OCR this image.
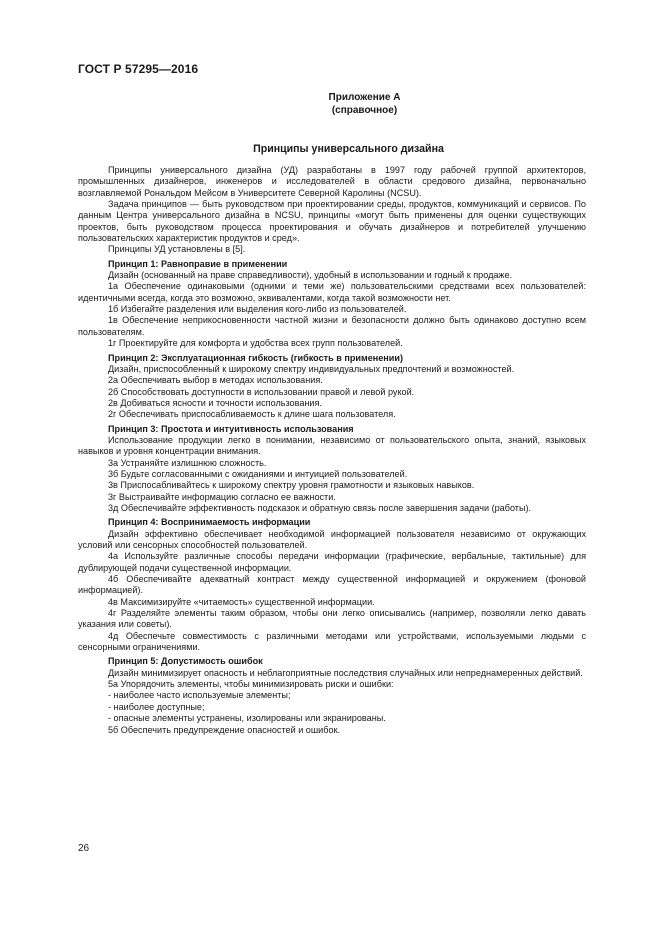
ГОСТ Р 57295—2016
Приложение А
(справочное)
Принципы универсального дизайна

Принципы универсального дизайна (УД) разработаны в 1997 году рабочей группой архитекторов, промышленных дизайнеров, инженеров и исследователей в области средового дизайна, первоначально возглавляемой Рональдом Мейсом в Университете Северной Каролины (NCSU).

Задача принципов — быть руководством при проектировании среды, продуктов, коммуникаций и сервисов. По данным Центра универсального дизайна в NCSU, принципы «могут быть применены для оценки существующих проектов, быть руководством процесса проектирования и обучать дизайнеров и потребителей улучшению пользовательских характеристик продуктов и сред».

Принципы УД установлены в [5].

Принцип 1: Равноправие в применении

Дизайн (основанный на праве справедливости), удобный в использовании и годный к продаже.

1а Обеспечение одинаковыми (одними и теми же) пользовательскими средствами всех пользователей: идентичными всегда, когда это возможно, эквивалентами, когда такой возможности нет.

1б Избегайте разделения или выделения кого-либо из пользователей.

1в Обеспечение неприкосновенности частной жизни и безопасности должно быть одинаково доступно всем пользователям.

1г Проектируйте для комфорта и удобства всех групп пользователей.

Принцип 2: Эксплуатационная гибкость (гибкость в применении)

Дизайн, приспособленный к широкому спектру индивидуальных предпочтений и возможностей.

2а Обеспечивать выбор в методах использования.

2б Способствовать доступности в использовании правой и левой рукой.

2в Добиваться ясности и точности использования.

2г Обеспечивать приспосабливаемость к длине шага пользователя.

Принцип 3: Простота и интуитивность использования

Использование продукции легко в понимании, независимо от пользовательского опыта, знаний, языковых навыков и уровня концентрации внимания.

3а Устраняйте излишнюю сложность.

3б Будьте согласованными с ожиданиями и интуицией пользователей.

3в Приспосабливайтесь к широкому спектру уровня грамотности и языковых навыков.

3г Выстраивайте информацию согласно ее важности.

3д Обеспечивайте эффективность подсказок и обратную связь после завершения задачи (работы).

Принцип 4: Воспринимаемость информации

Дизайн эффективно обеспечивает необходимой информацией пользователя независимо от окружающих условий или сенсорных способностей пользователей.

4а Используйте различные способы передачи информации (графические, вербальные, тактильные) для дублирующей подачи существенной информации.

4б Обеспечивайте адекватный контраст между существенной информацией и окружением (фоновой информацией).

4в Максимизируйте «читаемость» существенной информации.

4г Разделяйте элементы таким образом, чтобы они легко описывались (например, позволяли легко давать указания или советы).

4д Обеспечьте совместимость с различными методами или устройствами, используемыми людьми с сенсорными ограничениями.

Принцип 5: Допустимость ошибок

Дизайн минимизирует опасность и неблагоприятные последствия случайных или непреднамеренных действий.

5а Упорядочить элементы, чтобы минимизировать риски и ошибки:

- наиболее часто используемые элементы;

- наиболее доступные;

- опасные элементы устранены, изолированы или экранированы.

5б Обеспечить предупреждение опасностей и ошибок.

26
